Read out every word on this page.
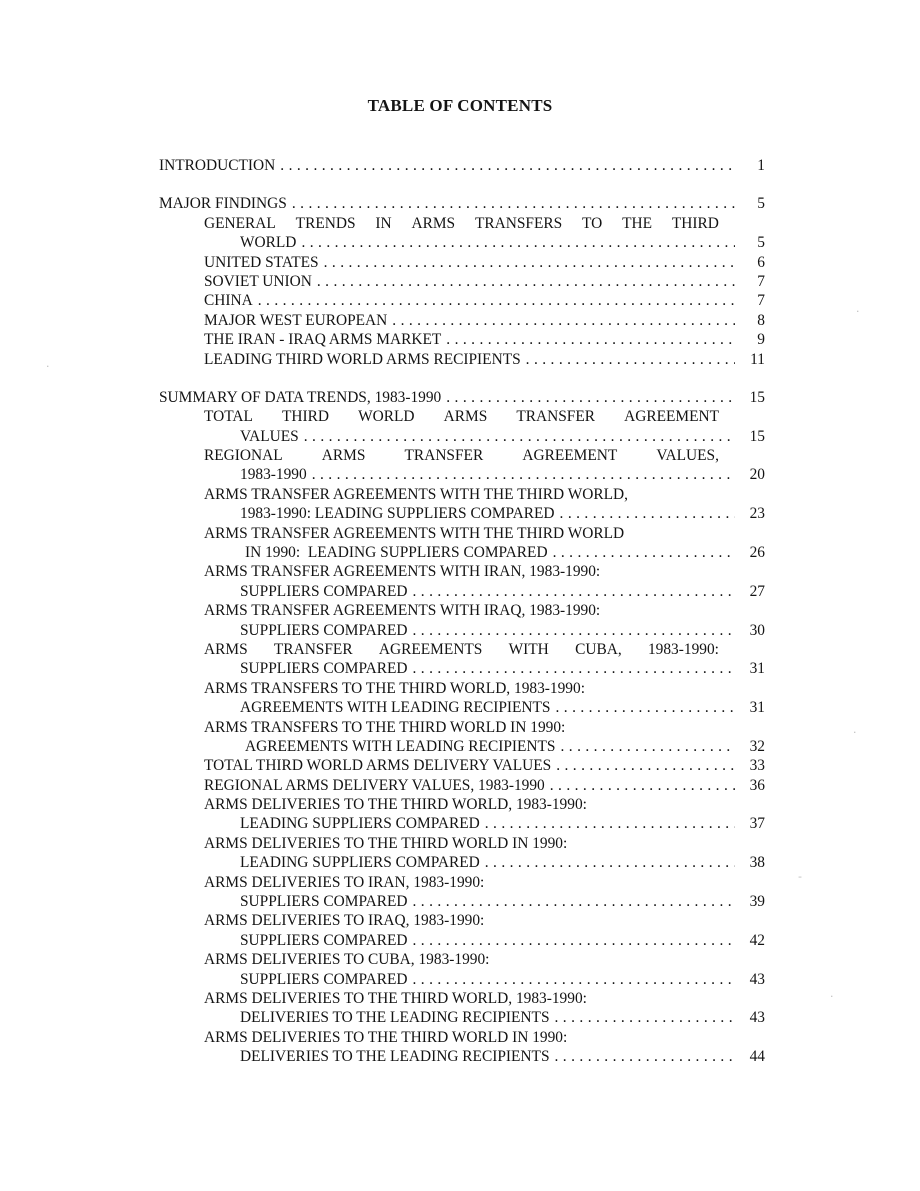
TABLE OF CONTENTS
INTRODUCTION . . .	1
MAJOR FINDINGS . . .	5
GENERAL TRENDS IN ARMS TRANSFERS TO THE THIRD
WORLD . . .	5
UNITED STATES . . .	6
SOVIET UNION . . .	7
CHINA . . .	7
MAJOR WEST EUROPEAN . . .	8
THE IRAN - IRAQ ARMS MARKET . . .	9
LEADING THIRD WORLD ARMS RECIPIENTS . . .	11
SUMMARY OF DATA TRENDS, 1983-1990 . . .	15
TOTAL THIRD WORLD ARMS TRANSFER AGREEMENT
VALUES . . .	15
REGIONAL	ARMS	TRANSFER	AGREEMENT	VALUES,
1983-1990 . . .	20
ARMS TRANSFER AGREEMENTS WITH THE THIRD WORLD,
1983-1990: LEADING SUPPLIERS COMPARED . . .	23
ARMS TRANSFER AGREEMENTS WITH THE THIRD WORLD
IN 1990:  LEADING SUPPLIERS COMPARED . . .	26
ARMS TRANSFER AGREEMENTS WITH IRAN, 1983-1990:
SUPPLIERS COMPARED . . .	27
ARMS TRANSFER AGREEMENTS WITH IRAQ, 1983-1990:
SUPPLIERS COMPARED . . .	30
ARMS TRANSFER AGREEMENTS WITH CUBA, 1983-1990:
SUPPLIERS COMPARED . . .	31
ARMS TRANSFERS TO THE THIRD WORLD, 1983-1990:
AGREEMENTS WITH LEADING RECIPIENTS . . .	31
ARMS TRANSFERS TO THE THIRD WORLD IN 1990:
AGREEMENTS WITH LEADING RECIPIENTS . . .	32
TOTAL THIRD WORLD ARMS DELIVERY VALUES . . .	33
REGIONAL ARMS DELIVERY VALUES, 1983-1990 . . .	36
ARMS DELIVERIES TO THE THIRD WORLD, 1983-1990:
LEADING SUPPLIERS COMPARED . . .	37
ARMS DELIVERIES TO THE THIRD WORLD IN 1990:
LEADING SUPPLIERS COMPARED . . .	38
ARMS DELIVERIES TO IRAN, 1983-1990:
SUPPLIERS COMPARED . . .	39
ARMS DELIVERIES TO IRAQ, 1983-1990:
SUPPLIERS COMPARED . . .	42
ARMS DELIVERIES TO CUBA, 1983-1990:
SUPPLIERS COMPARED . . .	43
ARMS DELIVERIES TO THE THIRD WORLD, 1983-1990:
DELIVERIES TO THE LEADING RECIPIENTS . . .	43
ARMS DELIVERIES TO THE THIRD WORLD IN 1990:
DELIVERIES TO THE LEADING RECIPIENTS . . .	44
·
·
-
·
·
